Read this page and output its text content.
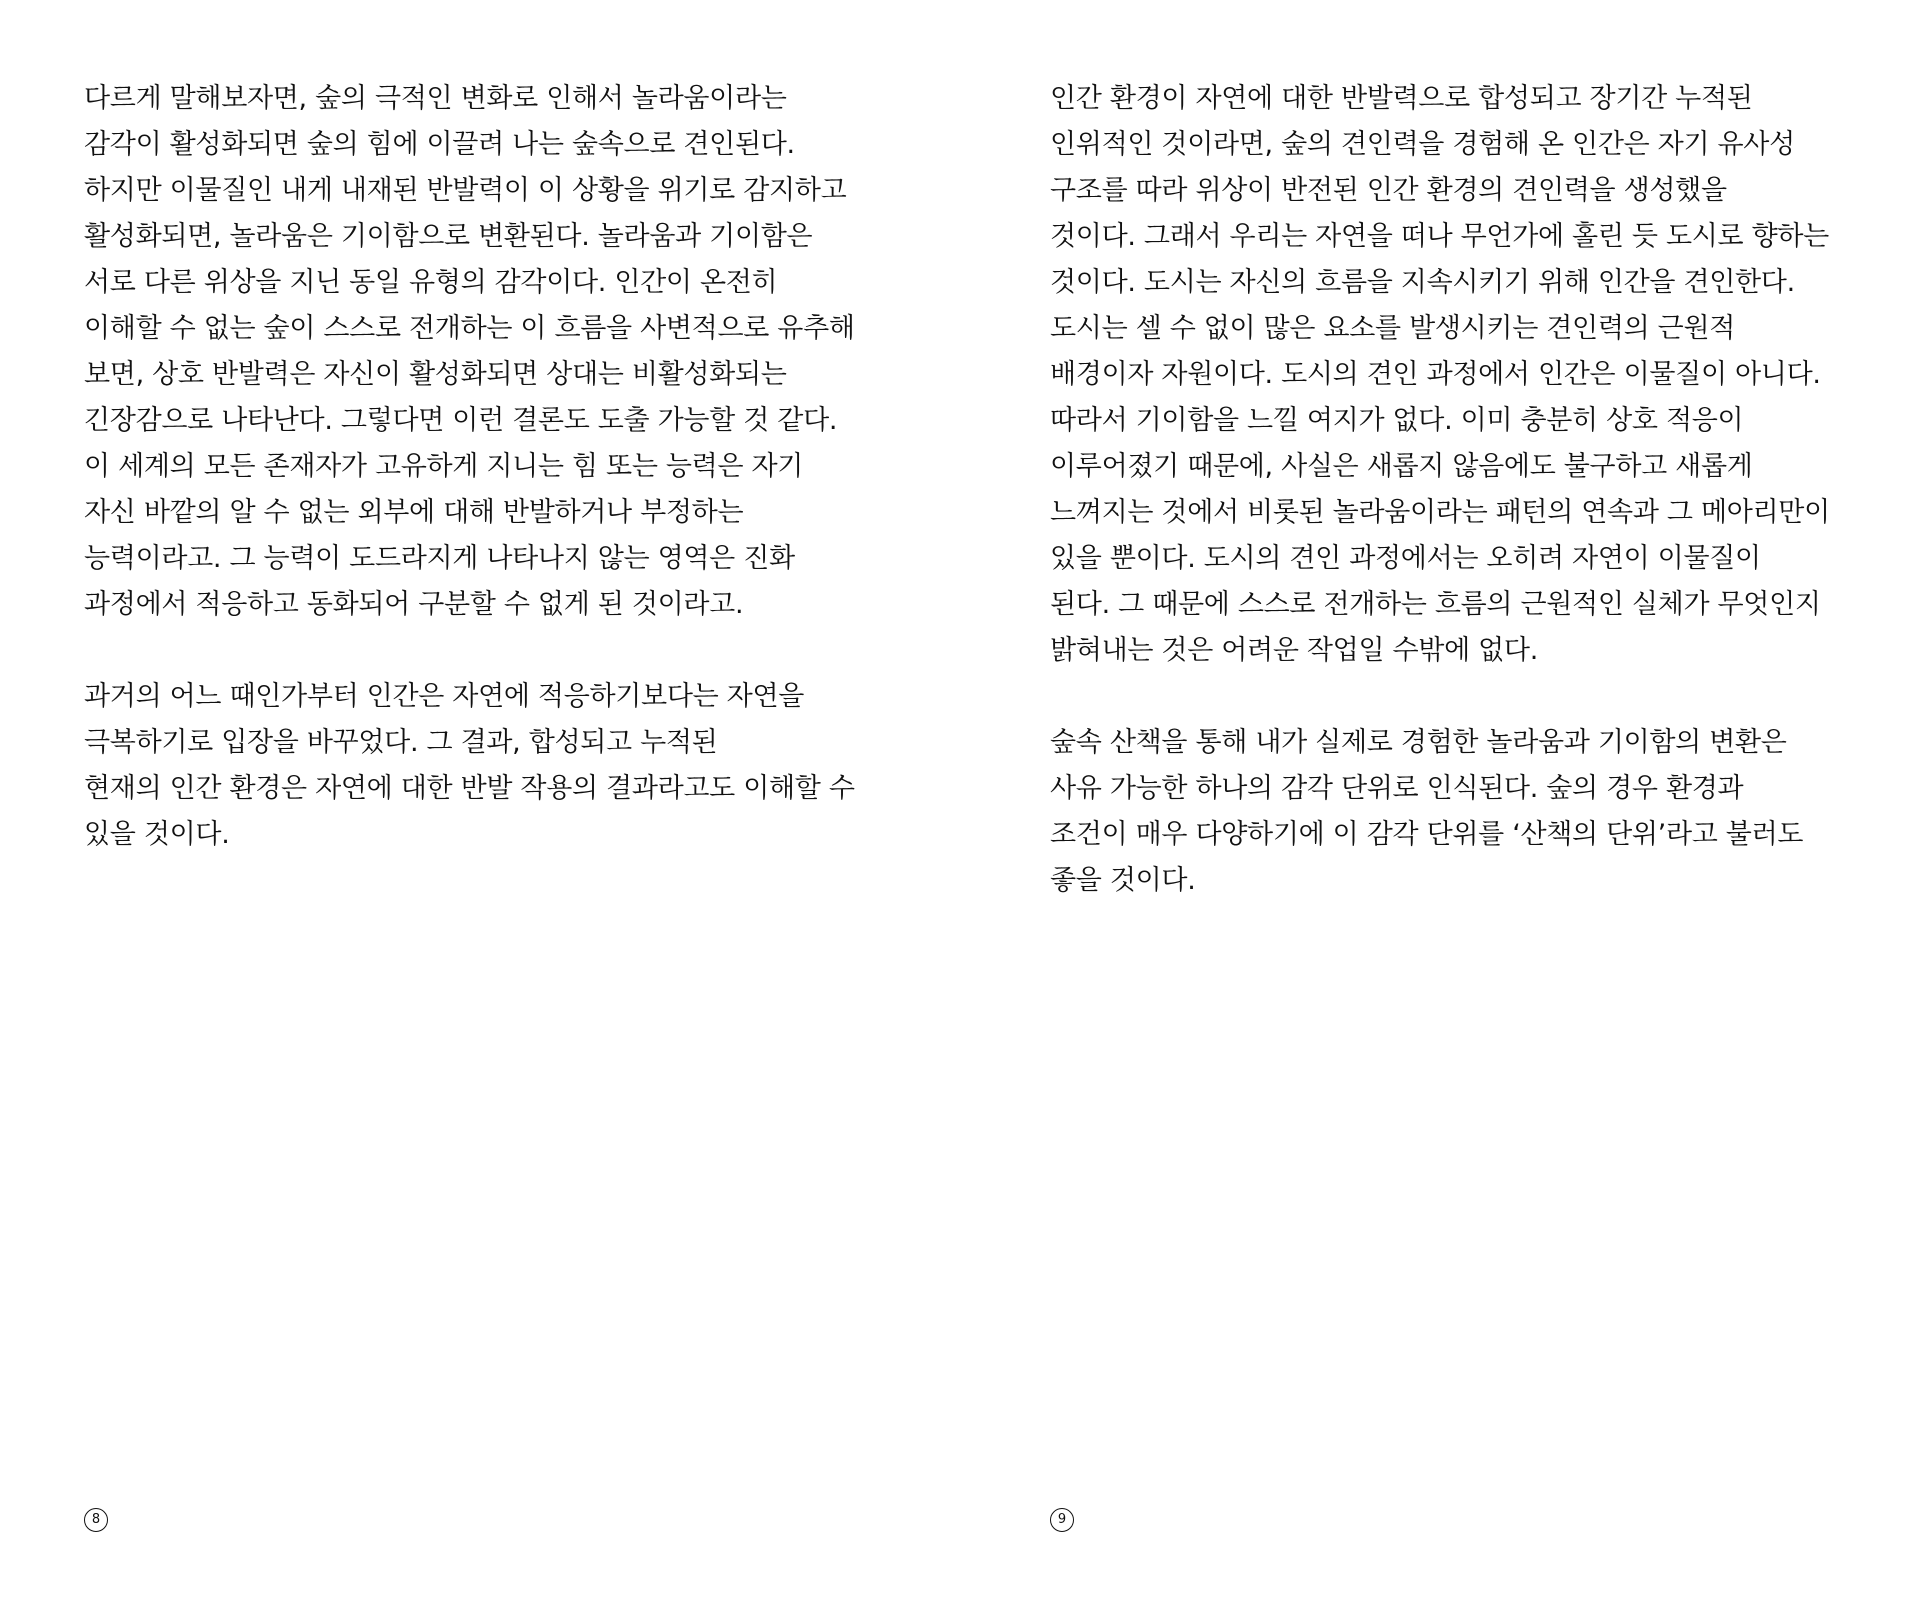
다르게 말해보자면, 숲의 극적인 변화로 인해서 놀라움이라는
감각이 활성화되면 숲의 힘에 이끌려 나는 숲속으로 견인된다.
하지만 이물질인 내게 내재된 반발력이 이 상황을 위기로 감지하고
활성화되면, 놀라움은 기이함으로 변환된다. 놀라움과 기이함은
서로 다른 위상을 지닌 동일 유형의 감각이다. 인간이 온전히
이해할 수 없는 숲이 스스로 전개하는 이 흐름을 사변적으로 유추해
보면, 상호 반발력은 자신이 활성화되면 상대는 비활성화되는
긴장감으로 나타난다. 그렇다면 이런 결론도 도출 가능할 것 같다.
이 세계의 모든 존재자가 고유하게 지니는 힘 또는 능력은 자기
자신 바깥의 알 수 없는 외부에 대해 반발하거나 부정하는
능력이라고. 그 능력이 도드라지게 나타나지 않는 영역은 진화
과정에서 적응하고 동화되어 구분할 수 없게 된 것이라고.

과거의 어느 때인가부터 인간은 자연에 적응하기보다는 자연을
극복하기로 입장을 바꾸었다. 그 결과, 합성되고 누적된
현재의 인간 환경은 자연에 대한 반발 작용의 결과라고도 이해할 수
있을 것이다.

8

인간 환경이 자연에 대한 반발력으로 합성되고 장기간 누적된
인위적인 것이라면, 숲의 견인력을 경험해 온 인간은 자기 유사성
구조를 따라 위상이 반전된 인간 환경의 견인력을 생성했을
것이다. 그래서 우리는 자연을 떠나 무언가에 홀린 듯 도시로 향하는
것이다. 도시는 자신의 흐름을 지속시키기 위해 인간을 견인한다.
도시는 셀 수 없이 많은 요소를 발생시키는 견인력의 근원적
배경이자 자원이다. 도시의 견인 과정에서 인간은 이물질이 아니다.
따라서 기이함을 느낄 여지가 없다. 이미 충분히 상호 적응이
이루어졌기 때문에, 사실은 새롭지 않음에도 불구하고 새롭게
느껴지는 것에서 비롯된 놀라움이라는 패턴의 연속과 그 메아리만이
있을 뿐이다. 도시의 견인 과정에서는 오히려 자연이 이물질이
된다. 그 때문에 스스로 전개하는 흐름의 근원적인 실체가 무엇인지
밝혀내는 것은 어려운 작업일 수밖에 없다.

숲속 산책을 통해 내가 실제로 경험한 놀라움과 기이함의 변환은
사유 가능한 하나의 감각 단위로 인식된다. 숲의 경우 환경과
조건이 매우 다양하기에 이 감각 단위를 ‘산책의 단위’라고 불러도
좋을 것이다.

9
